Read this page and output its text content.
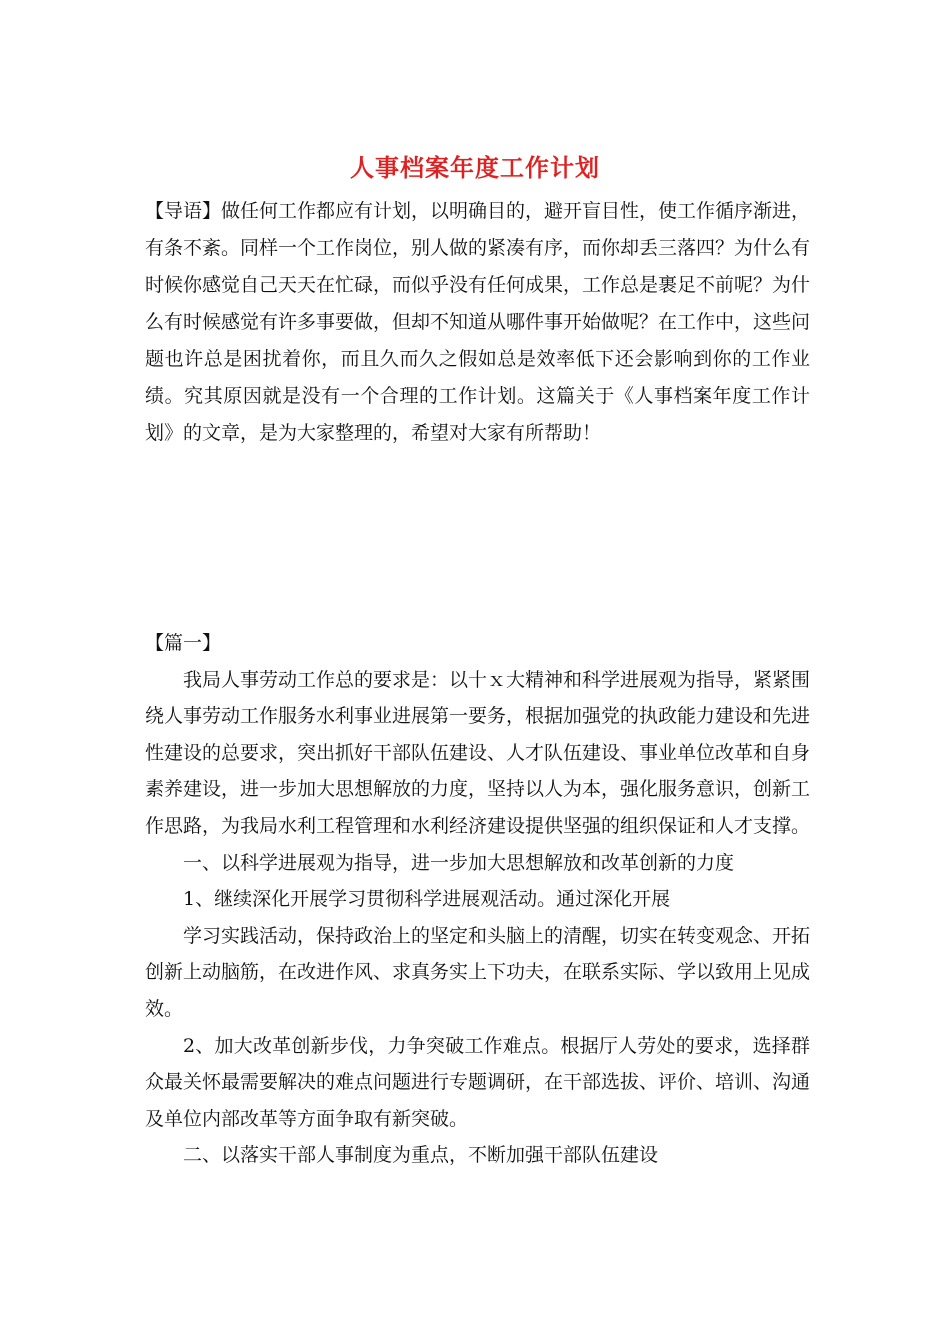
人事档案年度工作计划

【导语】做任何工作都应有计划，以明确目的，避开盲目性，使工作循序渐进，有条不紊。同样一个工作岗位，别人做的紧凑有序，而你却丢三落四？为什么有时候你感觉自己天天在忙碌，而似乎没有任何成果，工作总是裹足不前呢？为什么有时候感觉有许多事要做，但却不知道从哪件事开始做呢？在工作中，这些问题也许总是困扰着你，而且久而久之假如总是效率低下还会影响到你的工作业绩。究其原因就是没有一个合理的工作计划。这篇关于《人事档案年度工作计划》的文章，是为大家整理的，希望对大家有所帮助！

【篇一】

我局人事劳动工作总的要求是：以十ｘ大精神和科学进展观为指导，紧紧围绕人事劳动工作服务水利事业进展第一要务，根据加强党的执政能力建设和先进性建设的总要求，突出抓好干部队伍建设、人才队伍建设、事业单位改革和自身素养建设，进一步加大思想解放的力度，坚持以人为本，强化服务意识，创新工作思路，为我局水利工程管理和水利经济建设提供坚强的组织保证和人才支撑。

一、以科学进展观为指导，进一步加大思想解放和改革创新的力度

1、继续深化开展学习贯彻科学进展观活动。通过深化开展

学习实践活动，保持政治上的坚定和头脑上的清醒，切实在转变观念、开拓创新上动脑筋，在改进作风、求真务实上下功夫，在联系实际、学以致用上见成效。

2、加大改革创新步伐，力争突破工作难点。根据厅人劳处的要求，选择群众最关怀最需要解决的难点问题进行专题调研，在干部选拔、评价、培训、沟通及单位内部改革等方面争取有新突破。

二、以落实干部人事制度为重点，不断加强干部队伍建设
